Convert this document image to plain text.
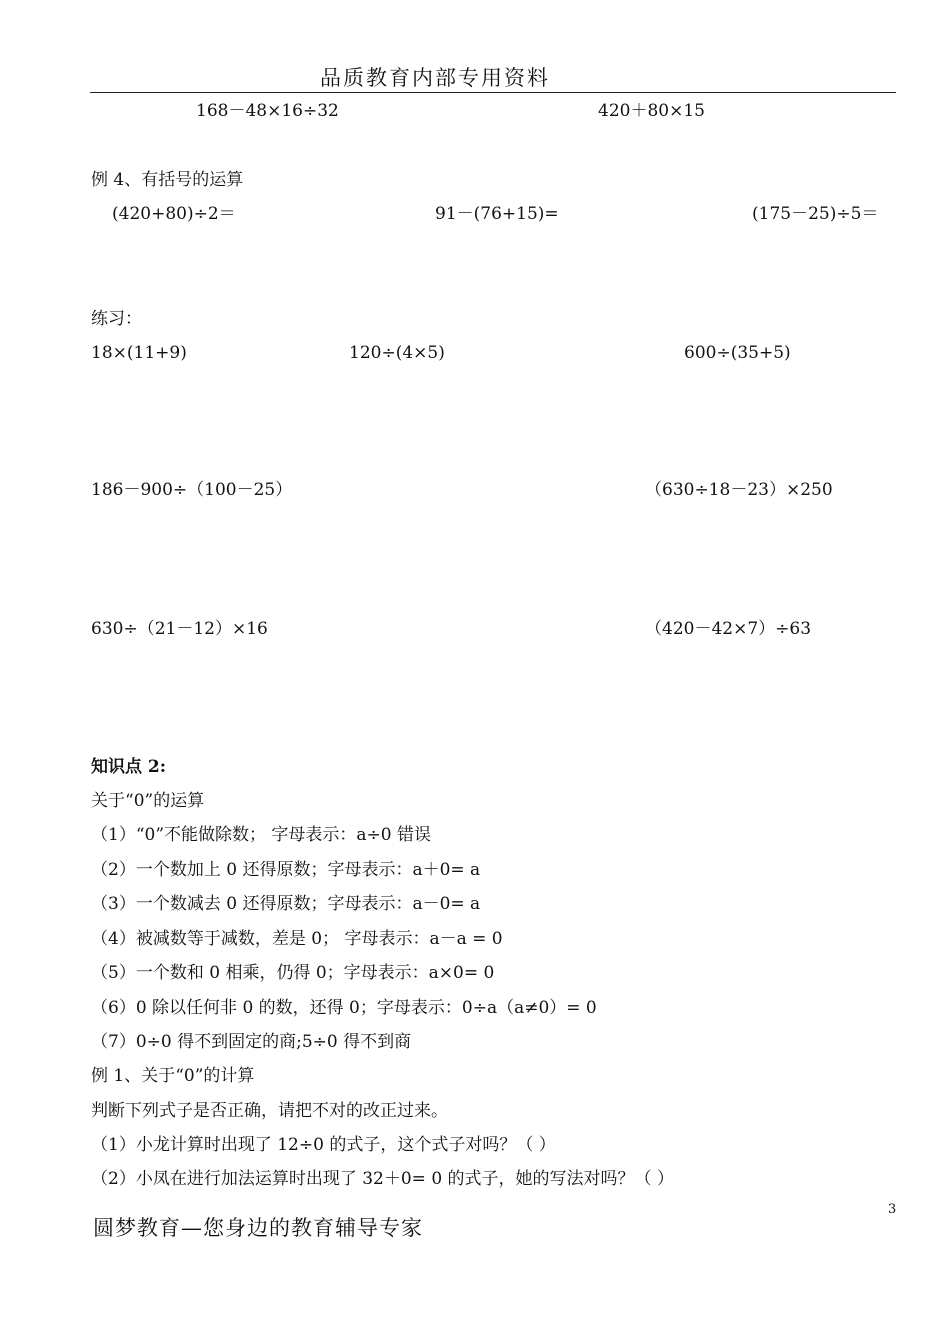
品质教育内部专用资料
168－48×16÷32	420＋80×15
例 4、有括号的运算
(420+80)÷2＝	91－(76+15)=	(175－25)÷5＝
练习：
18×(11+9)	120÷(4×5)	600÷(35+5)
186－900÷（100－25）	（630÷18－23）×250
630÷（21－12）×16	（420－42×7）÷63
知识点 2:
关于“0”的运算
（1）“0”不能做除数； 字母表示：a÷0 错误
（2）一个数加上 0 还得原数；字母表示：a＋0= a
（3）一个数减去 0 还得原数；字母表示：a－0= a
（4）被减数等于减数，差是 0； 字母表示：a－a = 0
（5）一个数和 0 相乘，仍得 0；字母表示：a×0= 0
（6）0 除以任何非 0 的数，还得 0；字母表示：0÷a（a≠0）= 0
（7）0÷0 得不到固定的商;5÷0 得不到商
例 1、关于“0”的计算
判断下列式子是否正确，请把不对的改正过来。
（1）小龙计算时出现了 12÷0 的式子，这个式子对吗？（ ）
（2）小凤在进行加法运算时出现了 32＋0= 0 的式子，她的写法对吗？（ ）
3
圆梦教育—您身边的教育辅导专家
